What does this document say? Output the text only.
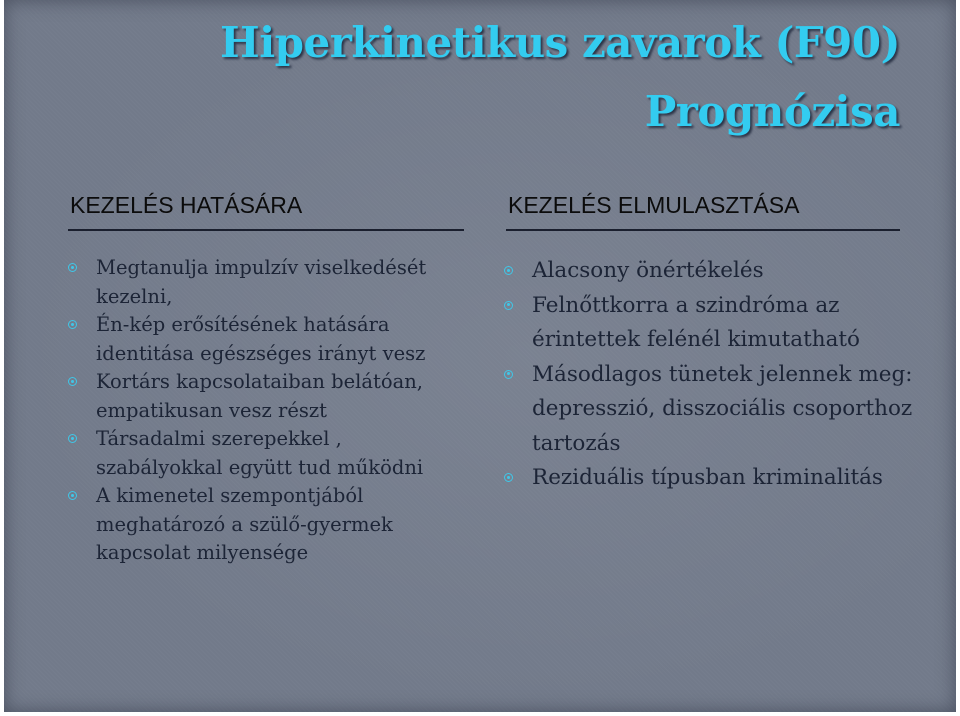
Hiperkinetikus zavarok (F90)
Prognózisa
KEZELÉS HATÁSÁRA	KEZELÉS ELMULASZTÁSA
Megtanulja impulzív viselkedését kezelni,
Én-kép erősítésének hatására identitása egészséges irányt vesz
Kortárs kapcsolataiban belátóan, empatikusan vesz részt
Társadalmi szerepekkel , szabályokkal együtt tud működni
A kimenetel szempontjából meghatározó a szülő-gyermek kapcsolat milyensége
Alacsony önértékelés
Felnőttkorra a szindróma az érintettek felénél kimutatható
Másodlagos tünetek jelennek meg: depresszió, disszociális csoporthoz tartozás
Reziduális típusban kriminalitás
